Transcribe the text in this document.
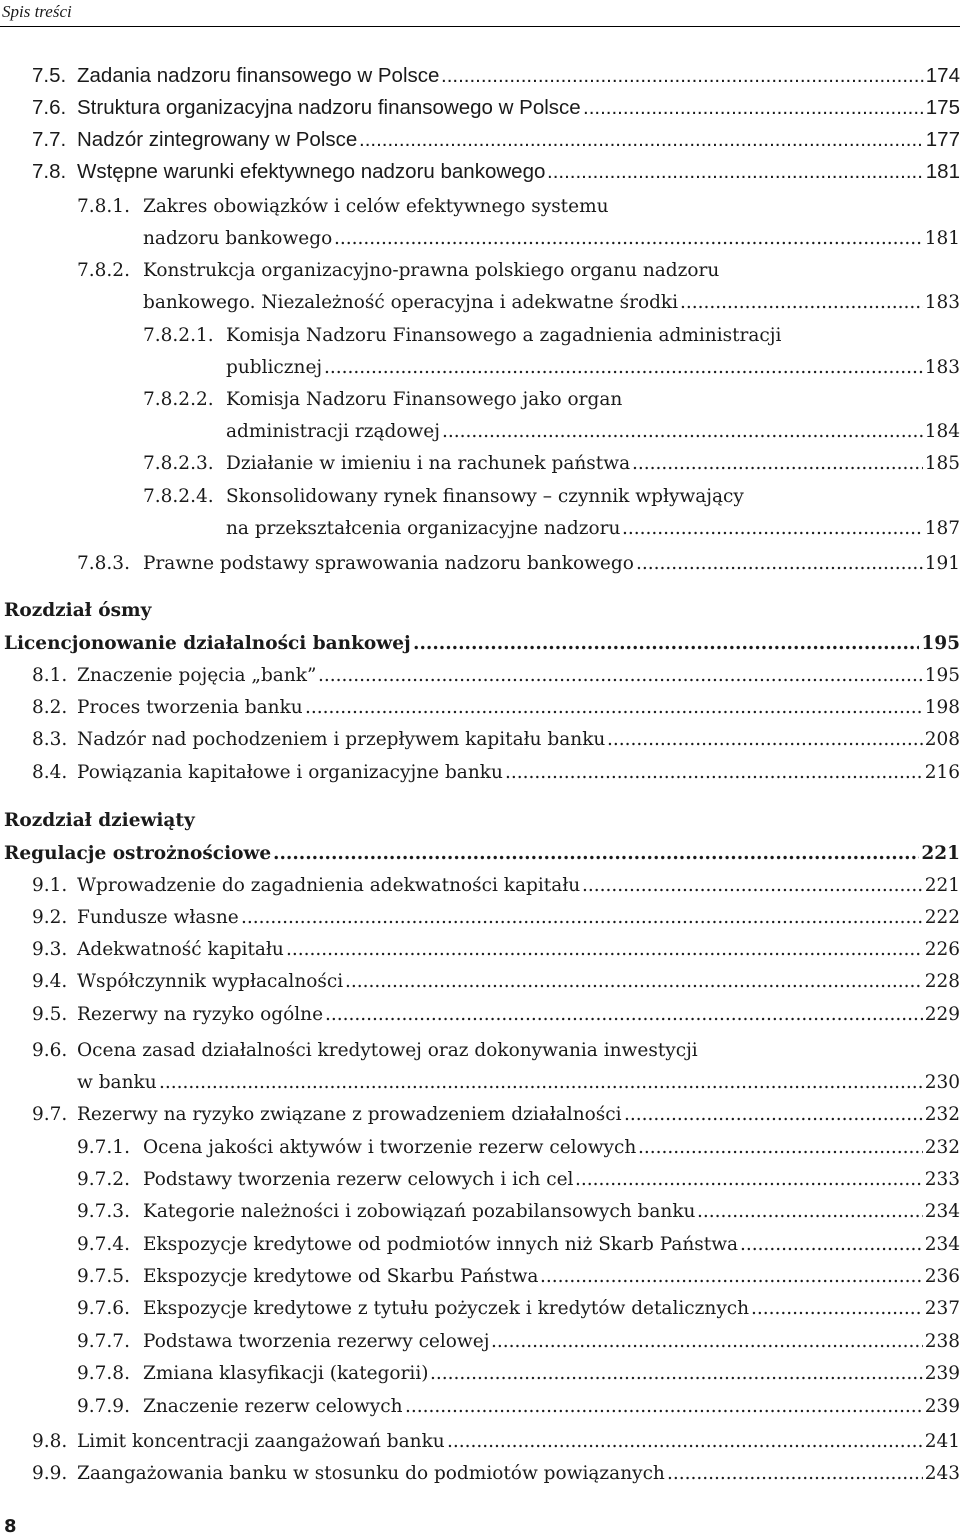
Spis treści
7.5. Zadania nadzoru finansowego w Polsce .....	174
7.6. Struktura organizacyjna nadzoru finansowego w Polsce .....	175
7.7. Nadzór zintegrowany w Polsce .....	177
7.8. Wstępne warunki efektywnego nadzoru bankowego .....	181
7.8.1. Zakres obowiązków i celów efektywnego systemu
nadzoru bankowego .....	181
7.8.2. Konstrukcja organizacyjno-prawna polskiego organu nadzoru
bankowego. Niezależność operacyjna i adekwatne środki .....	183
7.8.2.1. Komisja Nadzoru Finansowego a zagadnienia administracji
publicznej .....	183
7.8.2.2. Komisja Nadzoru Finansowego jako organ
administracji rządowej .....	184
7.8.2.3. Działanie w imieniu i na rachunek państwa .....	185
7.8.2.4. Skonsolidowany rynek finansowy – czynnik wpływający
na przekształcenia organizacyjne nadzoru .....	187
7.8.3. Prawne podstawy sprawowania nadzoru bankowego .....	191
Rozdział ósmy
Licencjonowanie działalności bankowej .....	195
8.1. Znaczenie pojęcia „bank” .....	195
8.2. Proces tworzenia banku .....	198
8.3. Nadzór nad pochodzeniem i przepływem kapitału banku .....	208
8.4. Powiązania kapitałowe i organizacyjne banku .....	216
Rozdział dziewiąty
Regulacje ostrożnościowe .....	221
9.1. Wprowadzenie do zagadnienia adekwatności kapitału .....	221
9.2. Fundusze własne .....	222
9.3. Adekwatność kapitału .....	226
9.4. Współczynnik wypłacalności .....	228
9.5. Rezerwy na ryzyko ogólne .....	229
9.6. Ocena zasad działalności kredytowej oraz dokonywania inwestycji
w banku .....	230
9.7. Rezerwy na ryzyko związane z prowadzeniem działalności .....	232
9.7.1. Ocena jakości aktywów i tworzenie rezerw celowych .....	232
9.7.2. Podstawy tworzenia rezerw celowych i ich cel .....	233
9.7.3. Kategorie należności i zobowiązań pozabilansowych banku .....	234
9.7.4. Ekspozycje kredytowe od podmiotów innych niż Skarb Państwa .....	234
9.7.5. Ekspozycje kredytowe od Skarbu Państwa .....	236
9.7.6. Ekspozycje kredytowe z tytułu pożyczek i kredytów detalicznych .....	237
9.7.7. Podstawa tworzenia rezerwy celowej .....	238
9.7.8. Zmiana klasyfikacji (kategorii) .....	239
9.7.9. Znaczenie rezerw celowych .....	239
9.8. Limit koncentracji zaangażowań banku .....	241
9.9. Zaangażowania banku w stosunku do podmiotów powiązanych .....	243
8
